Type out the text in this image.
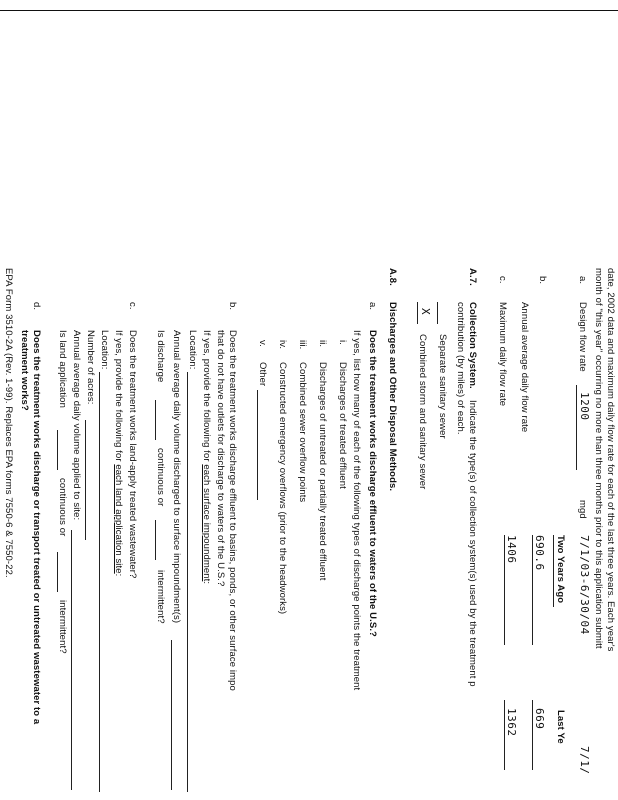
date, 2002 data and maximum daily flow rate for each of the last three years. Each year's
month of "this year" occurring no more than three months prior to this application submitt
a.
Design flow rate
1200
mgd
7/1/03-6/30/04
7/1/
Two Years Ago
Last Ye
b.
Annual average daily flow rate
690.6
669
c.
Maximum daily flow rate
1406
1362
A.7.
Collection System.
Indicate the type(s) of collection system(s) used by the treatment p
contribution (by miles) of each.
Separate sanitary sewer
X
Combined storm and sanitary sewer
A.8.
Discharges and Other Disposal Methods.
a.
Does the treatment works discharge effluent to waters of the U.S.?
If yes, list how many of each of the following types of discharge points the treatment
i.
Discharges of treated effluent
ii.
Discharges of untreated or partially treated effluent
iii.
Combined sewer overflow points
iv.
Constructed emergency overflows (prior to the headworks)
v.
Other
b.
Does the treatment works discharge effluent to basins, ponds, or other surface impo
that do not have outlets for discharge to waters of the U.S.?
If yes, provide the following for each surface impoundment:
Location:
Annual average daily volume discharged to surface impoundment(s)
Is discharge
continuous or
intermittent?
c.
Does the treatment works land-apply treated wastewater?
If yes, provide the following for each land application site:
Location:
Number of acres:
Annual average daily volume applied to site:
Is land application
continuous or
intermittent?
d.
Does the treatment works discharge or transport treated or untreated wastewater to a
treatment works?
EPA Form 3510-2A (Rev. 1-99). Replaces EPA forms 7550-6 & 7550-22.
